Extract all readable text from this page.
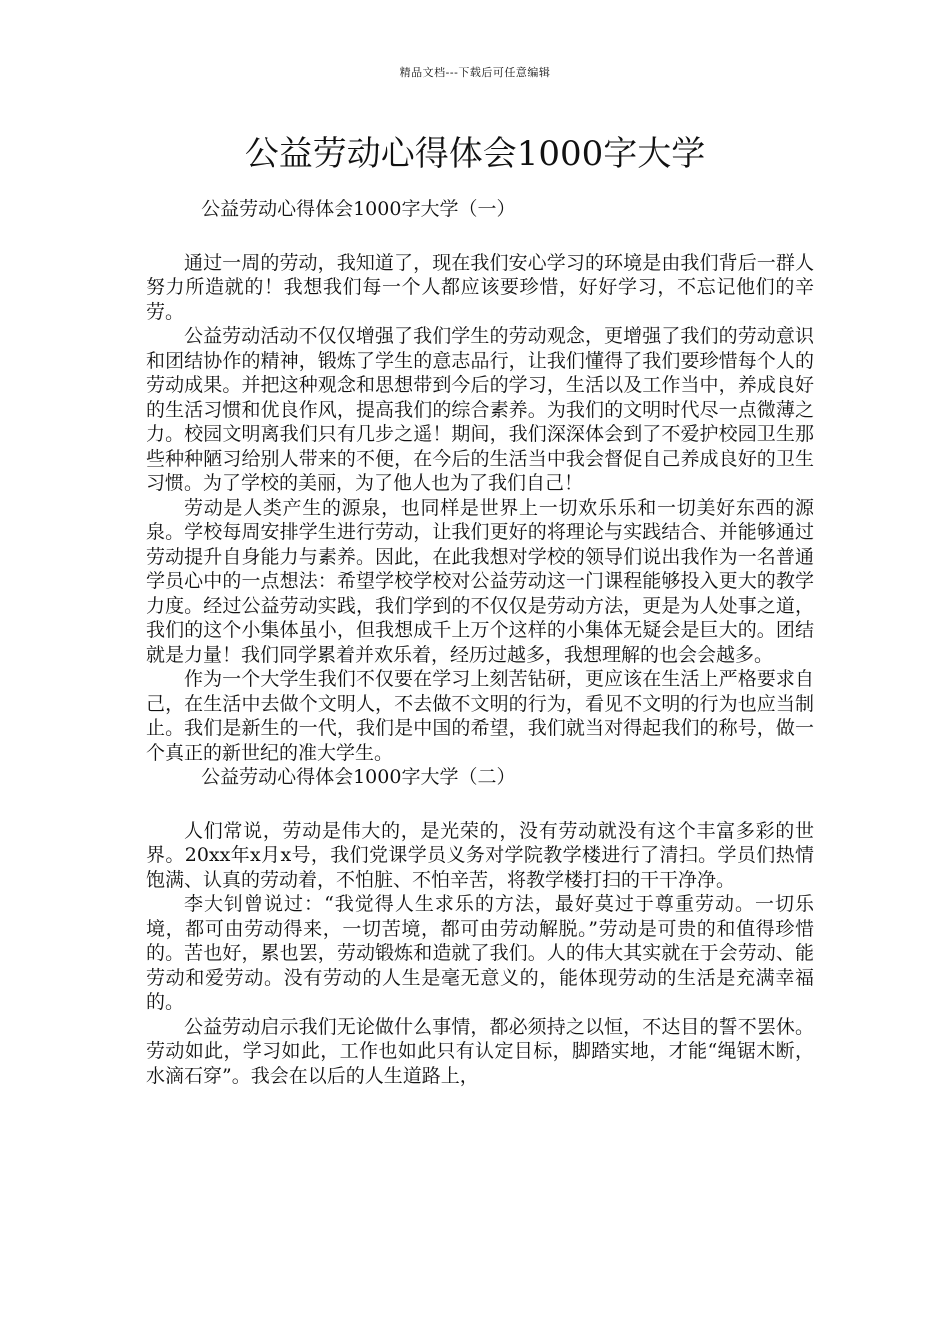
精品文档---下载后可任意编辑
公益劳动心得体会1000字大学

公益劳动心得体会1000字大学（一）

通过一周的劳动，我知道了，现在我们安心学习的环境是由我们背后一群人努力所造就的！我想我们每一个人都应该要珍惜，好好学习，不忘记他们的辛劳。

公益劳动活动不仅仅增强了我们学生的劳动观念，更增强了我们的劳动意识和团结协作的精神，锻炼了学生的意志品行，让我们懂得了我们要珍惜每个人的劳动成果。并把这种观念和思想带到今后的学习，生活以及工作当中，养成良好的生活习惯和优良作风，提高我们的综合素养。为我们的文明时代尽一点微薄之力。校园文明离我们只有几步之遥！期间，我们深深体会到了不爱护校园卫生那些种种陋习给别人带来的不便，在今后的生活当中我会督促自己养成良好的卫生习惯。为了学校的美丽，为了他人也为了我们自己！

劳动是人类产生的源泉，也同样是世界上一切欢乐乐和一切美好东西的源泉。学校每周安排学生进行劳动，让我们更好的将理论与实践结合、并能够通过劳动提升自身能力与素养。因此，在此我想对学校的领导们说出我作为一名普通学员心中的一点想法：希望学校学校对公益劳动这一门课程能够投入更大的教学力度。经过公益劳动实践，我们学到的不仅仅是劳动方法，更是为人处事之道，我们的这个小集体虽小，但我想成千上万个这样的小集体无疑会是巨大的。团结就是力量！我们同学累着并欢乐着，经历过越多，我想理解的也会会越多。

作为一个大学生我们不仅要在学习上刻苦钻研，更应该在生活上严格要求自己，在生活中去做个文明人，不去做不文明的行为，看见不文明的行为也应当制止。我们是新生的一代，我们是中国的希望，我们就当对得起我们的称号，做一个真正的新世纪的准大学生。

公益劳动心得体会1000字大学（二）

人们常说，劳动是伟大的，是光荣的，没有劳动就没有这个丰富多彩的世界。20xx年x月x号，我们党课学员义务对学院教学楼进行了清扫。学员们热情饱满、认真的劳动着，不怕脏、不怕辛苦，将教学楼打扫的干干净净。

李大钊曾说过：“我觉得人生求乐的方法，最好莫过于尊重劳动。一切乐境，都可由劳动得来，一切苦境，都可由劳动解脱。”劳动是可贵的和值得珍惜的。苦也好，累也罢，劳动锻炼和造就了我们。人的伟大其实就在于会劳动、能劳动和爱劳动。没有劳动的人生是毫无意义的，能体现劳动的生活是充满幸福的。

公益劳动启示我们无论做什么事情，都必须持之以恒，不达目的誓不罢休。劳动如此，学习如此，工作也如此只有认定目标，脚踏实地，才能“绳锯木断，水滴石穿”。我会在以后的人生道路上，
